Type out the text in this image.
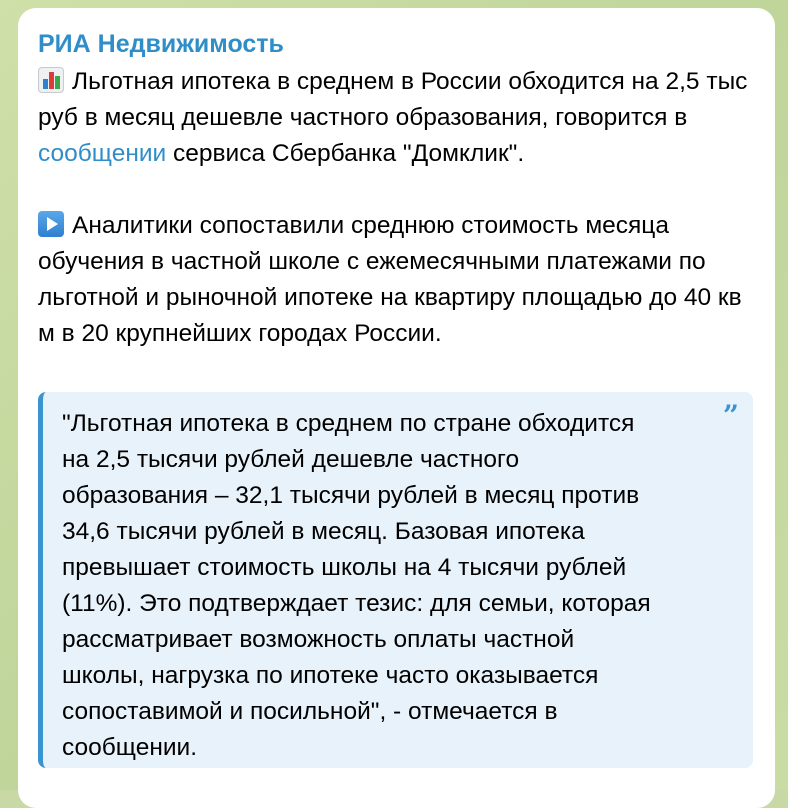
РИА Недвижимость

Льготная ипотека в среднем в России обходится на 2,5 тыс руб в месяц дешевле частного образования, говорится в сообщении сервиса Сбербанка "Домклик".

Аналитики сопоставили среднюю стоимость месяца обучения в частной школе с ежемесячными платежами по льготной и рыночной ипотеке на квартиру площадью до 40 кв м в 20 крупнейших городах России.

”
"Льготная ипотека в среднем по стране обходится
на 2,5 тысячи рублей дешевле частного
образования – 32,1 тысячи рублей в месяц против
34,6 тысячи рублей в месяц. Базовая ипотека
превышает стоимость школы на 4 тысячи рублей
(11%). Это подтверждает тезис: для семьи, которая
рассматривает возможность оплаты частной
школы, нагрузка по ипотеке часто оказывается
сопоставимой и посильной", - отмечается в
сообщении.
